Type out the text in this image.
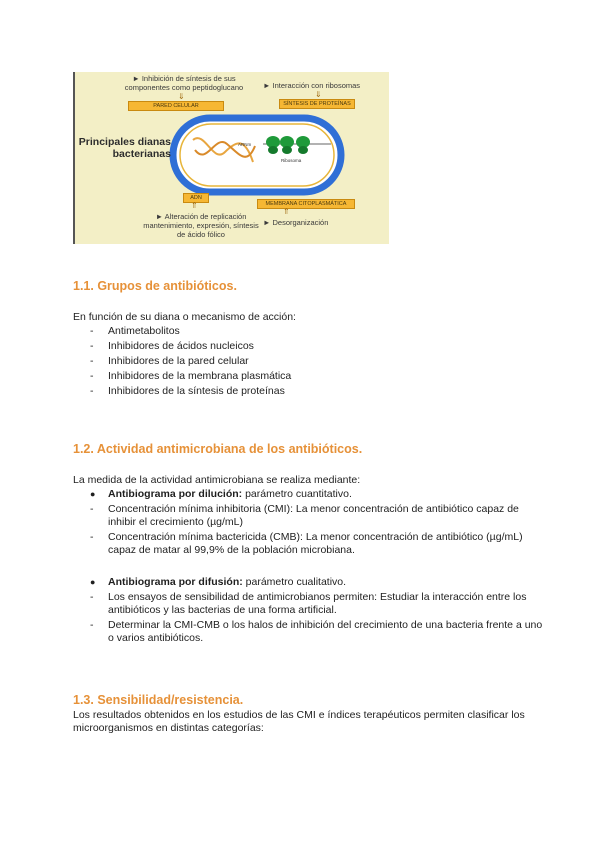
► Inhibición de síntesis de sus componentes como peptidoglucano
⇓
PARED CELULAR
► Interacción con ribosomas
⇓
SÍNTESIS DE PROTEÍNAS
Principales dianas bacterianas
ARNm
Ribosoma
ADN
⇑
► Alteración de replicación mantenimiento, expresión, síntesis de ácido fólico
MEMBRANA CITOPLASMÁTICA
⇑
► Desorganización
1.1. Grupos de antibióticos.
En función de su diana o mecanismo de acción:
-	Antimetabolitos
-	Inhibidores de ácidos nucleicos
-	Inhibidores de la pared celular
-	Inhibidores de la membrana plasmática
-	Inhibidores de la síntesis de proteínas
1.2. Actividad antimicrobiana de los antibióticos.
La medida de la actividad antimicrobiana se realiza mediante:
●	Antibiograma por dilución: parámetro cuantitativo.
-	Concentración mínima inhibitoria (CMI): La menor concentración de antibiótico capaz de inhibir el crecimiento (µg/mL)
-	Concentración mínima bactericida (CMB): La menor concentración de antibiótico (µg/mL) capaz de matar al 99,9% de la población microbiana.
●	Antibiograma por difusión: parámetro cualitativo.
-	Los ensayos de sensibilidad de antimicrobianos permiten: Estudiar la interacción entre los antibióticos y las bacterias de una forma artificial.
-	Determinar la CMI-CMB o los halos de inhibición del crecimiento de una bacteria frente a uno o varios antibióticos.
1.3. Sensibilidad/resistencia.
Los resultados obtenidos en los estudios de las CMI e índices terapéuticos permiten clasificar los microorganismos en distintas categorías:
